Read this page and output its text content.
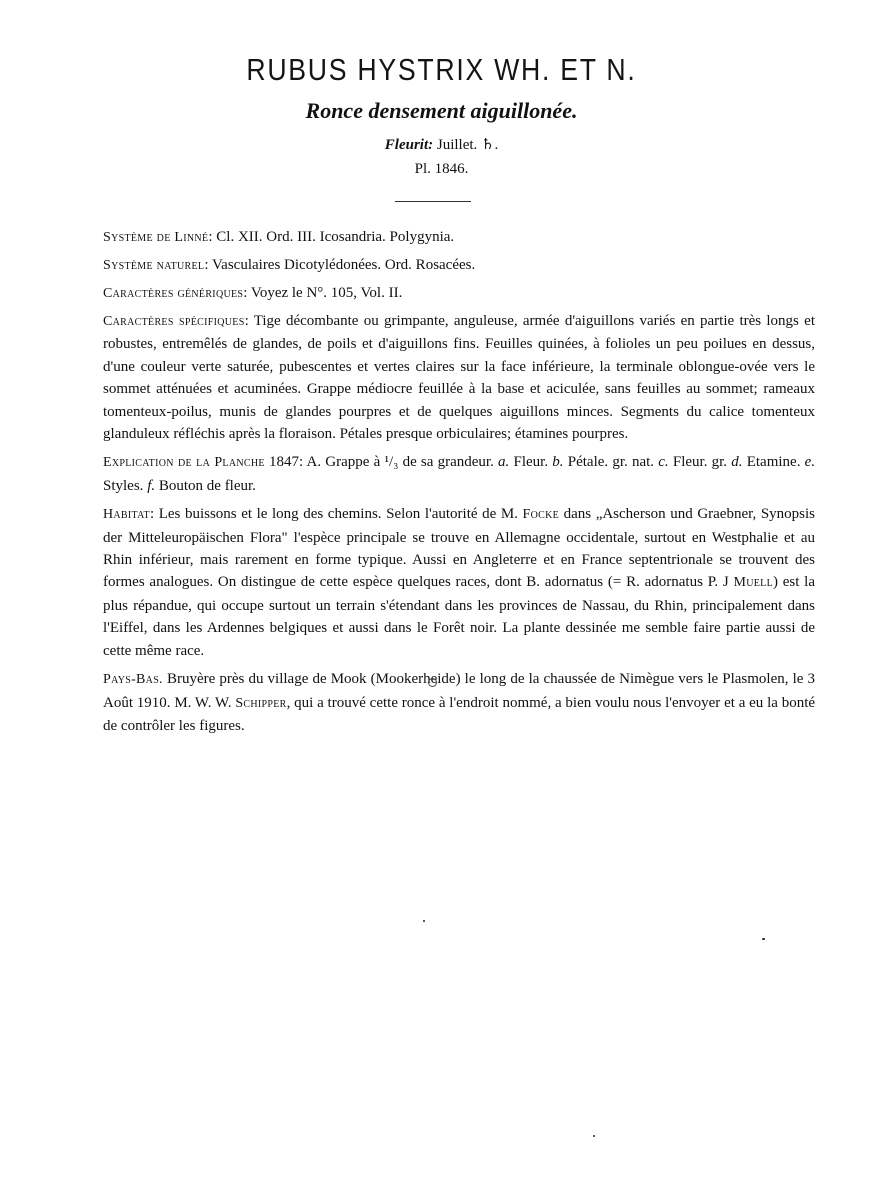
RUBUS HYSTRIX WH. ET N.
Ronce densement aiguillonée.
Fleurit: Juillet. ♄.
Pl. 1846.

Système de Linné: Cl. XII. Ord. III. Icosandria. Polygynia.

Système naturel: Vasculaires Dicotylédonées. Ord. Rosacées.

Caractères génériques: Voyez le N°. 105, Vol. II.

Caractères spécifiques: Tige décombante ou grimpante, anguleuse, armée d'aiguillons variés en partie très longs et robustes, entremêlés de glandes, de poils et d'aiguillons fins. Feuilles quinées, à folioles un peu poilues en dessus, d'une couleur verte saturée, pubescentes et vertes claires sur la face inférieure, la terminale oblongue-ovée vers le sommet atténuées et acuminées. Grappe médiocre feuillée à la base et aciculée, sans feuilles au sommet; rameaux tomenteux-poilus, munis de glandes pourpres et de quelques aiguillons minces. Segments du calice tomenteux glanduleux réfléchis après la floraison. Pétales presque orbiculaires; étamines pourpres.

Explication de la Planche 1847: A. Grappe à ¹/₃ de sa grandeur. a. Fleur. b. Pétale. gr. nat. c. Fleur. gr. d. Etamine. e. Styles. f. Bouton de fleur.

Habitat: Les buissons et le long des chemins. Selon l'autorité de M. Focke dans „Ascherson und Graebner, Synopsis der Mitteleuropäischen Flora" l'espèce principale se trouve en Allemagne occidentale, surtout en Westphalie et au Rhin inférieur, mais rarement en forme typique. Aussi en Angleterre et en France septentrionale se trouvent des formes analogues. On distingue de cette espèce quelques races, dont B. adornatus (= R. adornatus P. J Muell) est la plus répandue, qui occupe surtout un terrain s'étendant dans les provinces de Nassau, du Rhin, principalement dans l'Eiffel, dans les Ardennes belgiques et aussi dans le Forêt noir. La plante dessinée me semble faire partie aussi de cette même race.

Pays-Bas. Bruyère près du village de Mook (Mookerheide) le long de la chaussée de Nimègue vers le Plasmolen, le 3 Août 1910. M. W. W. Schipper, qui a trouvé cette ronce à l'endroit nommé, a bien voulu nous l'envoyer et a eu la bonté de contrôler les figures.
